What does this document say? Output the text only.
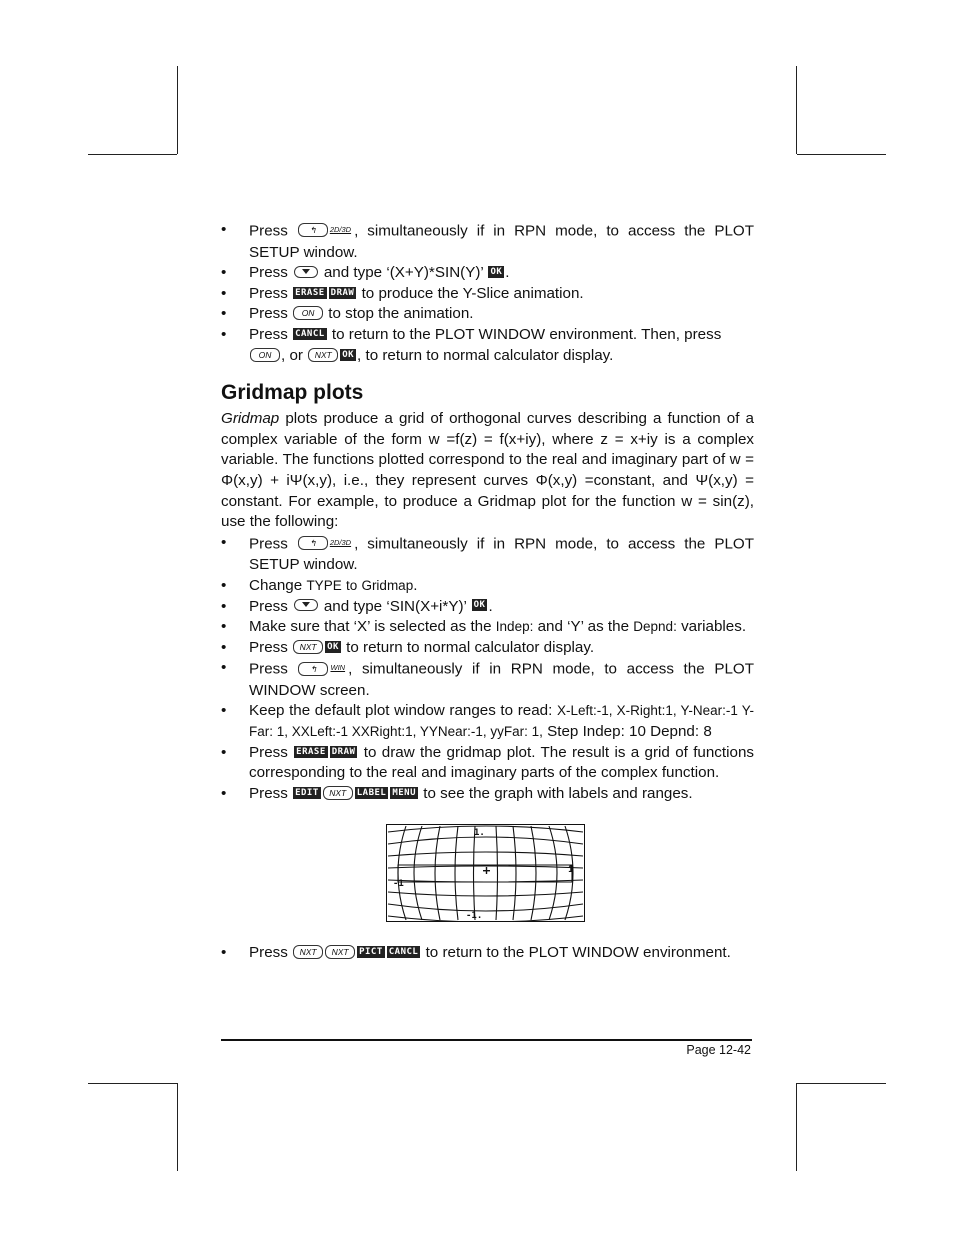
• Press	↰ 2D/3D , simultaneously if in RPN mode, to access the PLOT SETUP window.
• Press and type ‘(X+Y)*SIN(Y)’ OK .
• Press ERASE DRAW to produce the Y-Slice animation.
• Press ON to stop the animation.
• Press CANCL to return to the PLOT WINDOW environment. Then, press
ON , or NXT OK , to return to normal calculator display.
Gridmap plots
Gridmap plots produce a grid of orthogonal curves describing a function of a complex variable of the form w =f(z) = f(x+iy), where z = x+iy is a complex variable. The functions plotted correspond to the real and imaginary part of w = Φ(x,y) + iΨ(x,y), i.e., they represent curves Φ(x,y) =constant, and Ψ(x,y) = constant. For example, to produce a Gridmap plot for the function w = sin(z), use the following:
• Press	↰ 2D/3D , simultaneously if in RPN mode, to access the PLOT SETUP window.
• Change TYPE to Gridmap.
• Press and type ‘SIN(X+i*Y)’ OK .
• Make sure that ‘X’ is selected as the Indep: and ‘Y’ as the Depnd: variables.
• Press NXT OK to return to normal calculator display.
• Press	↰ WIN , simultaneously if in RPN mode, to access the PLOT WINDOW screen.
• Keep the default plot window ranges to read: X-Left:-1, X-Right:1, Y-Near:-1 Y-Far: 1, XXLeft:-1 XXRight:1, YYNear:-1, yyFar: 1, Step Indep: 10 Depnd: 8
• Press ERASE DRAW to draw the gridmap plot. The result is a grid of functions corresponding to the real and imaginary parts of the complex function.
• Press EDIT NXT LABEL MENU to see the graph with labels and ranges.
1.
-1
1
-1.
• Press NXT NXT PICT CANCL to return to the PLOT WINDOW environment.
Page 12-42
